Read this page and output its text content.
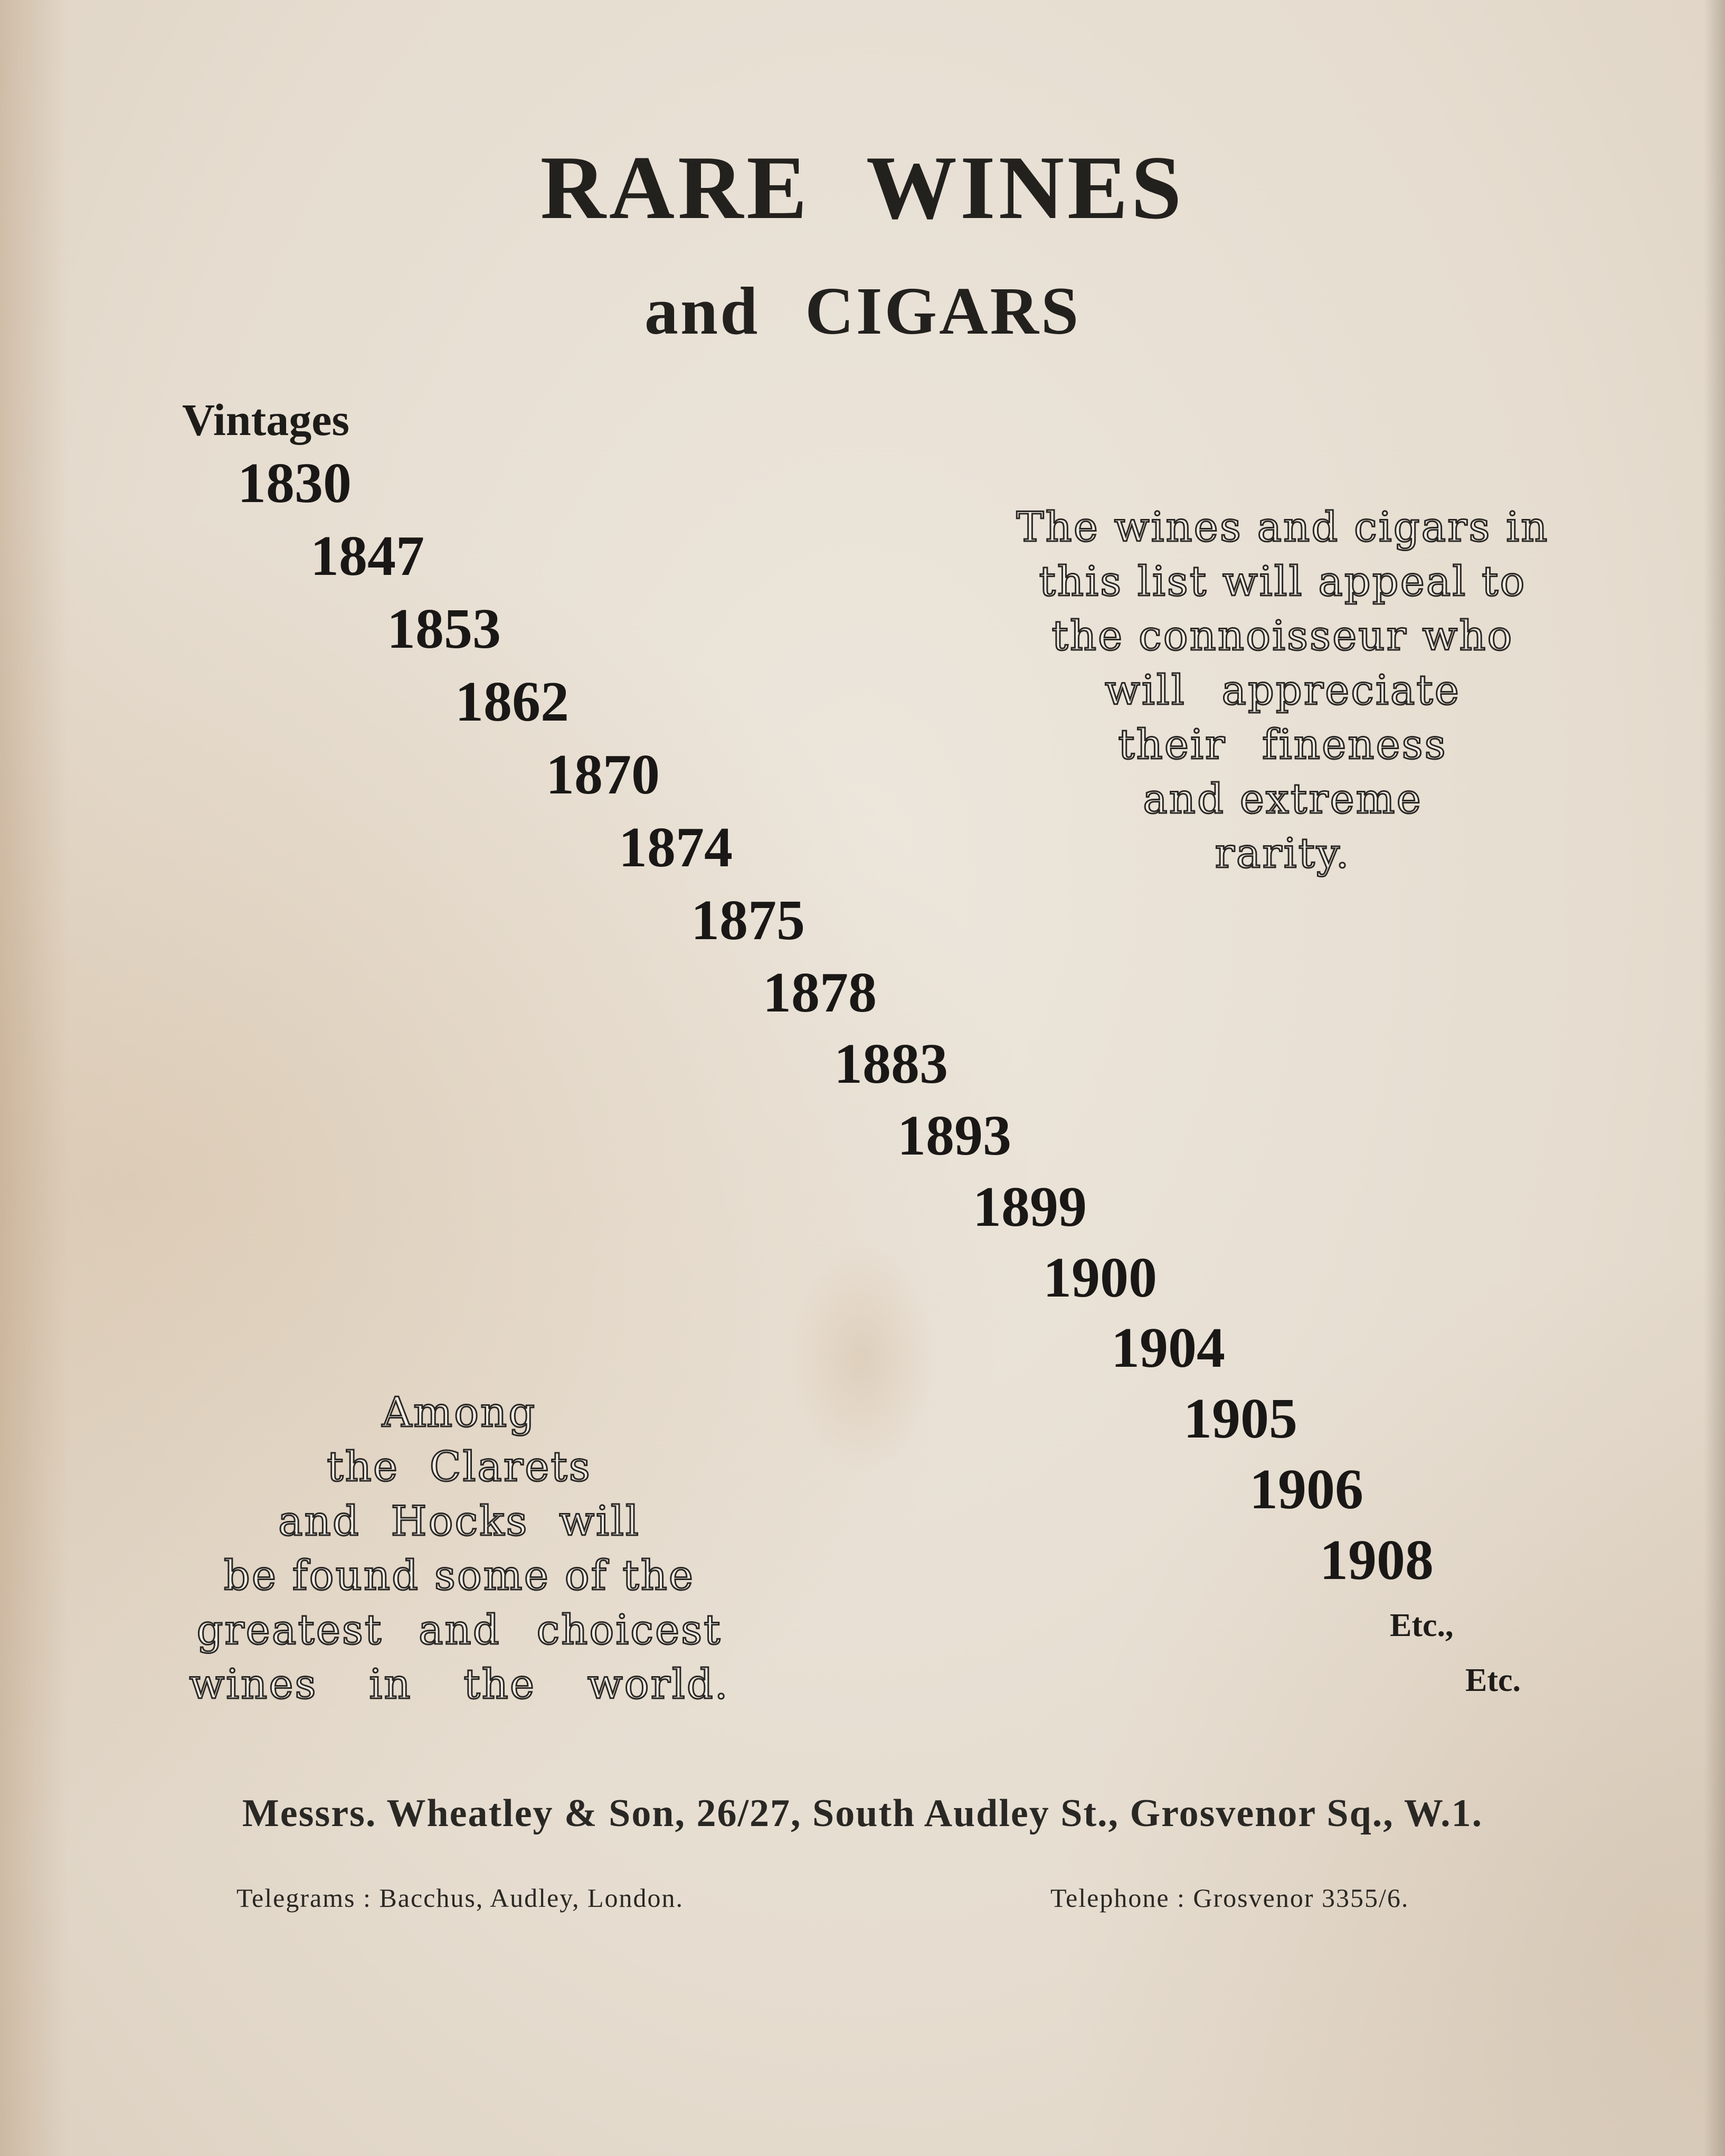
RARE WINES
and CIGARS
Vintages
1830
1847
1853
1862
1870
1874
1875
1878
1883
1893
1899
1900
1904
1905
1906
1908
Etc.,
Etc.
The wines and cigars in
this list will appeal to
the connoisseur who
will appreciate
their fineness
and extreme
rarity.
Among
the Clarets
and Hocks will
be found some of the
greatest and choicest
wines in the world.
Messrs. Wheatley & Son, 26/27, South Audley St., Grosvenor Sq., W.1.
Telegrams : Bacchus, Audley, London.	Telephone : Grosvenor 3355/6.
